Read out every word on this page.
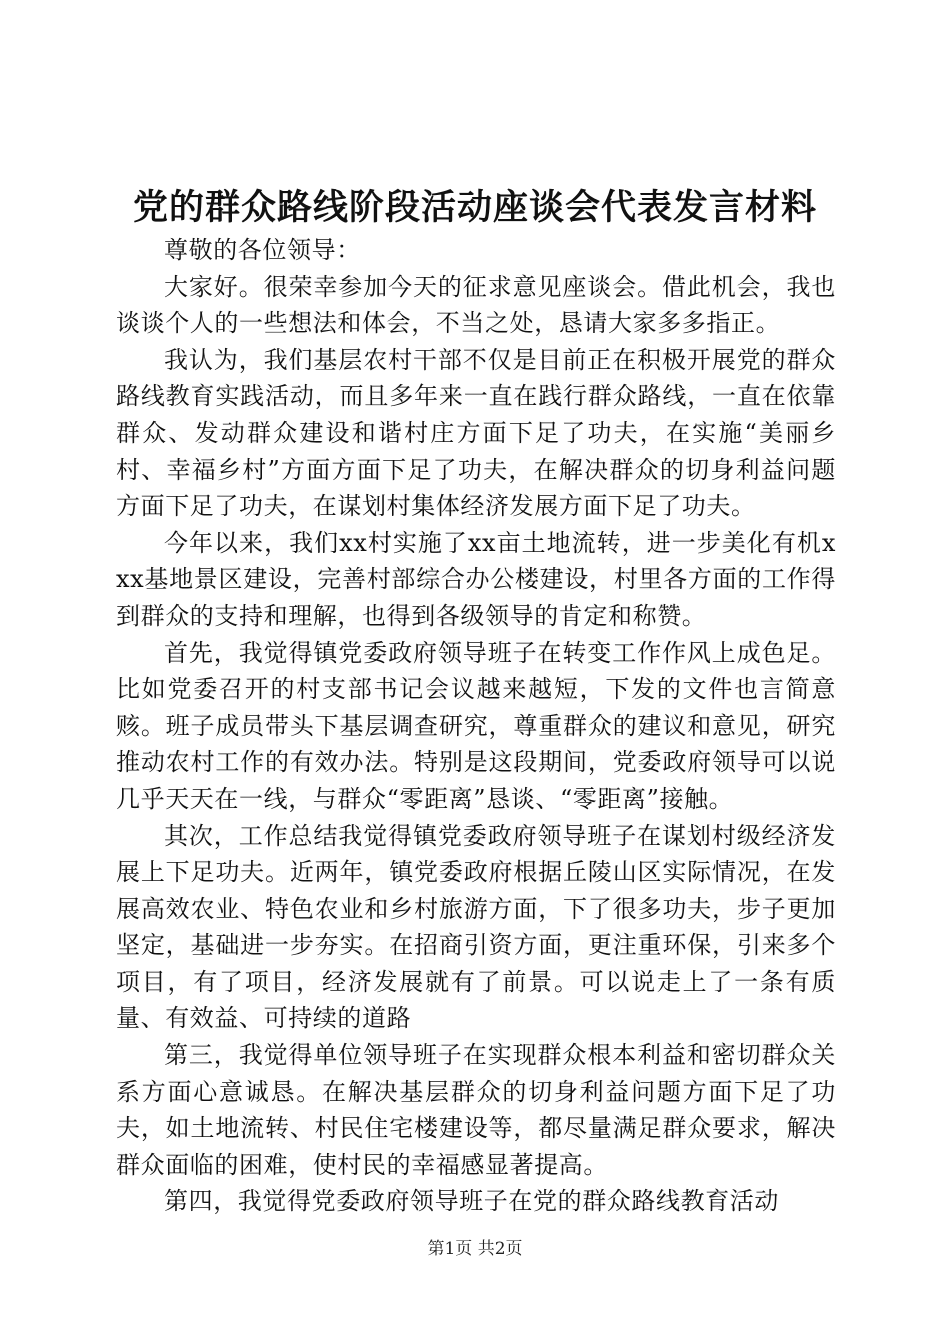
党的群众路线阶段活动座谈会代表发言材料

尊敬的各位领导：

大家好。很荣幸参加今天的征求意见座谈会。借此机会，我也谈谈个人的一些想法和体会，不当之处，恳请大家多多指正。

我认为，我们基层农村干部不仅是目前正在积极开展党的群众路线教育实践活动，而且多年来一直在践行群众路线，一直在依靠群众、发动群众建设和谐村庄方面下足了功夫，在实施“美丽乡村、幸福乡村”方面方面下足了功夫，在解决群众的切身利益问题方面下足了功夫，在谋划村集体经济发展方面下足了功夫。

今年以来，我们xx村实施了xx亩土地流转，进一步美化有机xxx基地景区建设，完善村部综合办公楼建设，村里各方面的工作得到群众的支持和理解，也得到各级领导的肯定和称赞。

首先，我觉得镇党委政府领导班子在转变工作作风上成色足。比如党委召开的村支部书记会议越来越短，下发的文件也言简意赅。班子成员带头下基层调查研究，尊重群众的建议和意见，研究推动农村工作的有效办法。特别是这段期间，党委政府领导可以说几乎天天在一线，与群众“零距离”恳谈、“零距离”接触。

其次，工作总结我觉得镇党委政府领导班子在谋划村级经济发展上下足功夫。近两年，镇党委政府根据丘陵山区实际情况，在发展高效农业、特色农业和乡村旅游方面，下了很多功夫，步子更加坚定，基础进一步夯实。在招商引资方面，更注重环保，引来多个项目，有了项目，经济发展就有了前景。可以说走上了一条有质量、有效益、可持续的道路

第三，我觉得单位领导班子在实现群众根本利益和密切群众关系方面心意诚恳。在解决基层群众的切身利益问题方面下足了功夫，如土地流转、村民住宅楼建设等，都尽量满足群众要求，解决群众面临的困难，使村民的幸福感显著提高。

第四，我觉得党委政府领导班子在党的群众路线教育活动

第1页 共2页
